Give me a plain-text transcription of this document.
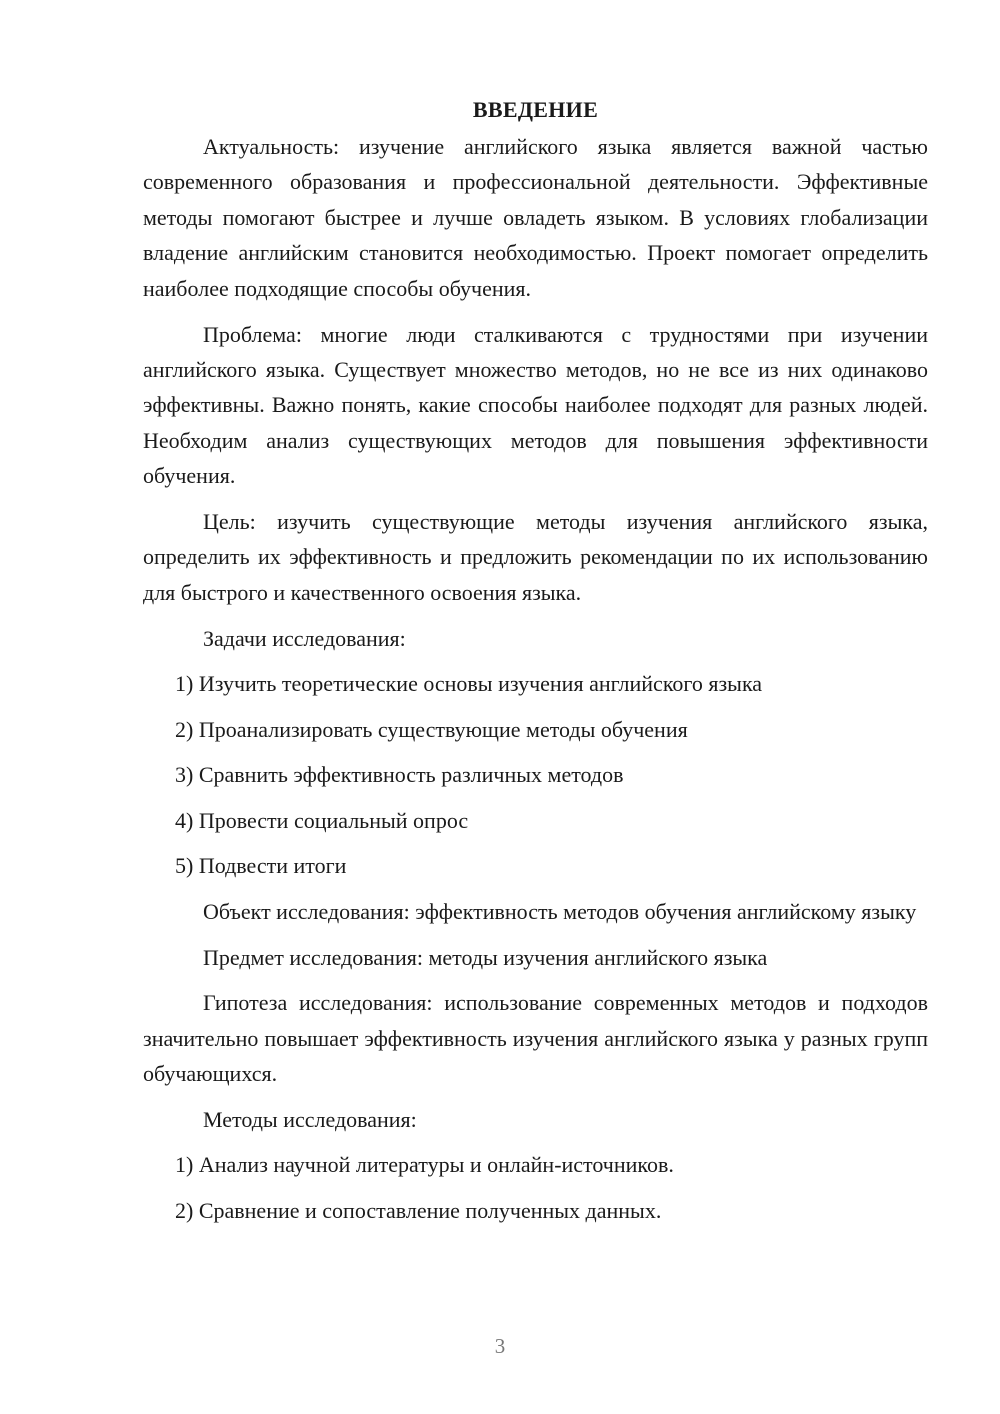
ВВЕДЕНИЕ

Актуальность: изучение английского языка является важной частью современного образования и профессиональной деятельности. Эффективные методы помогают быстрее и лучше овладеть языком. В условиях глобализации владение английским становится необходимостью. Проект помогает определить наиболее подходящие способы обучения.

Проблема: многие люди сталкиваются с трудностями при изучении английского языка. Существует множество методов, но не все из них одинаково эффективны. Важно понять, какие способы наиболее подходят для разных людей. Необходим анализ существующих методов для повышения эффективности обучения.

Цель: изучить существующие методы изучения английского языка, определить их эффективность и предложить рекомендации по их использованию для быстрого и качественного освоения языка.

Задачи исследования:

1) Изучить теоретические основы изучения английского языка
2) Проанализировать существующие методы обучения
3) Сравнить эффективность различных методов
4) Провести социальный опрос
5) Подвести итоги

Объект исследования: эффективность методов обучения английскому языку

Предмет исследования: методы изучения английского языка

Гипотеза исследования: использование современных методов и подходов значительно повышает эффективность изучения английского языка у разных групп обучающихся.

Методы исследования:

1) Анализ научной литературы и онлайн-источников.
2) Сравнение и сопоставление полученных данных.
3
